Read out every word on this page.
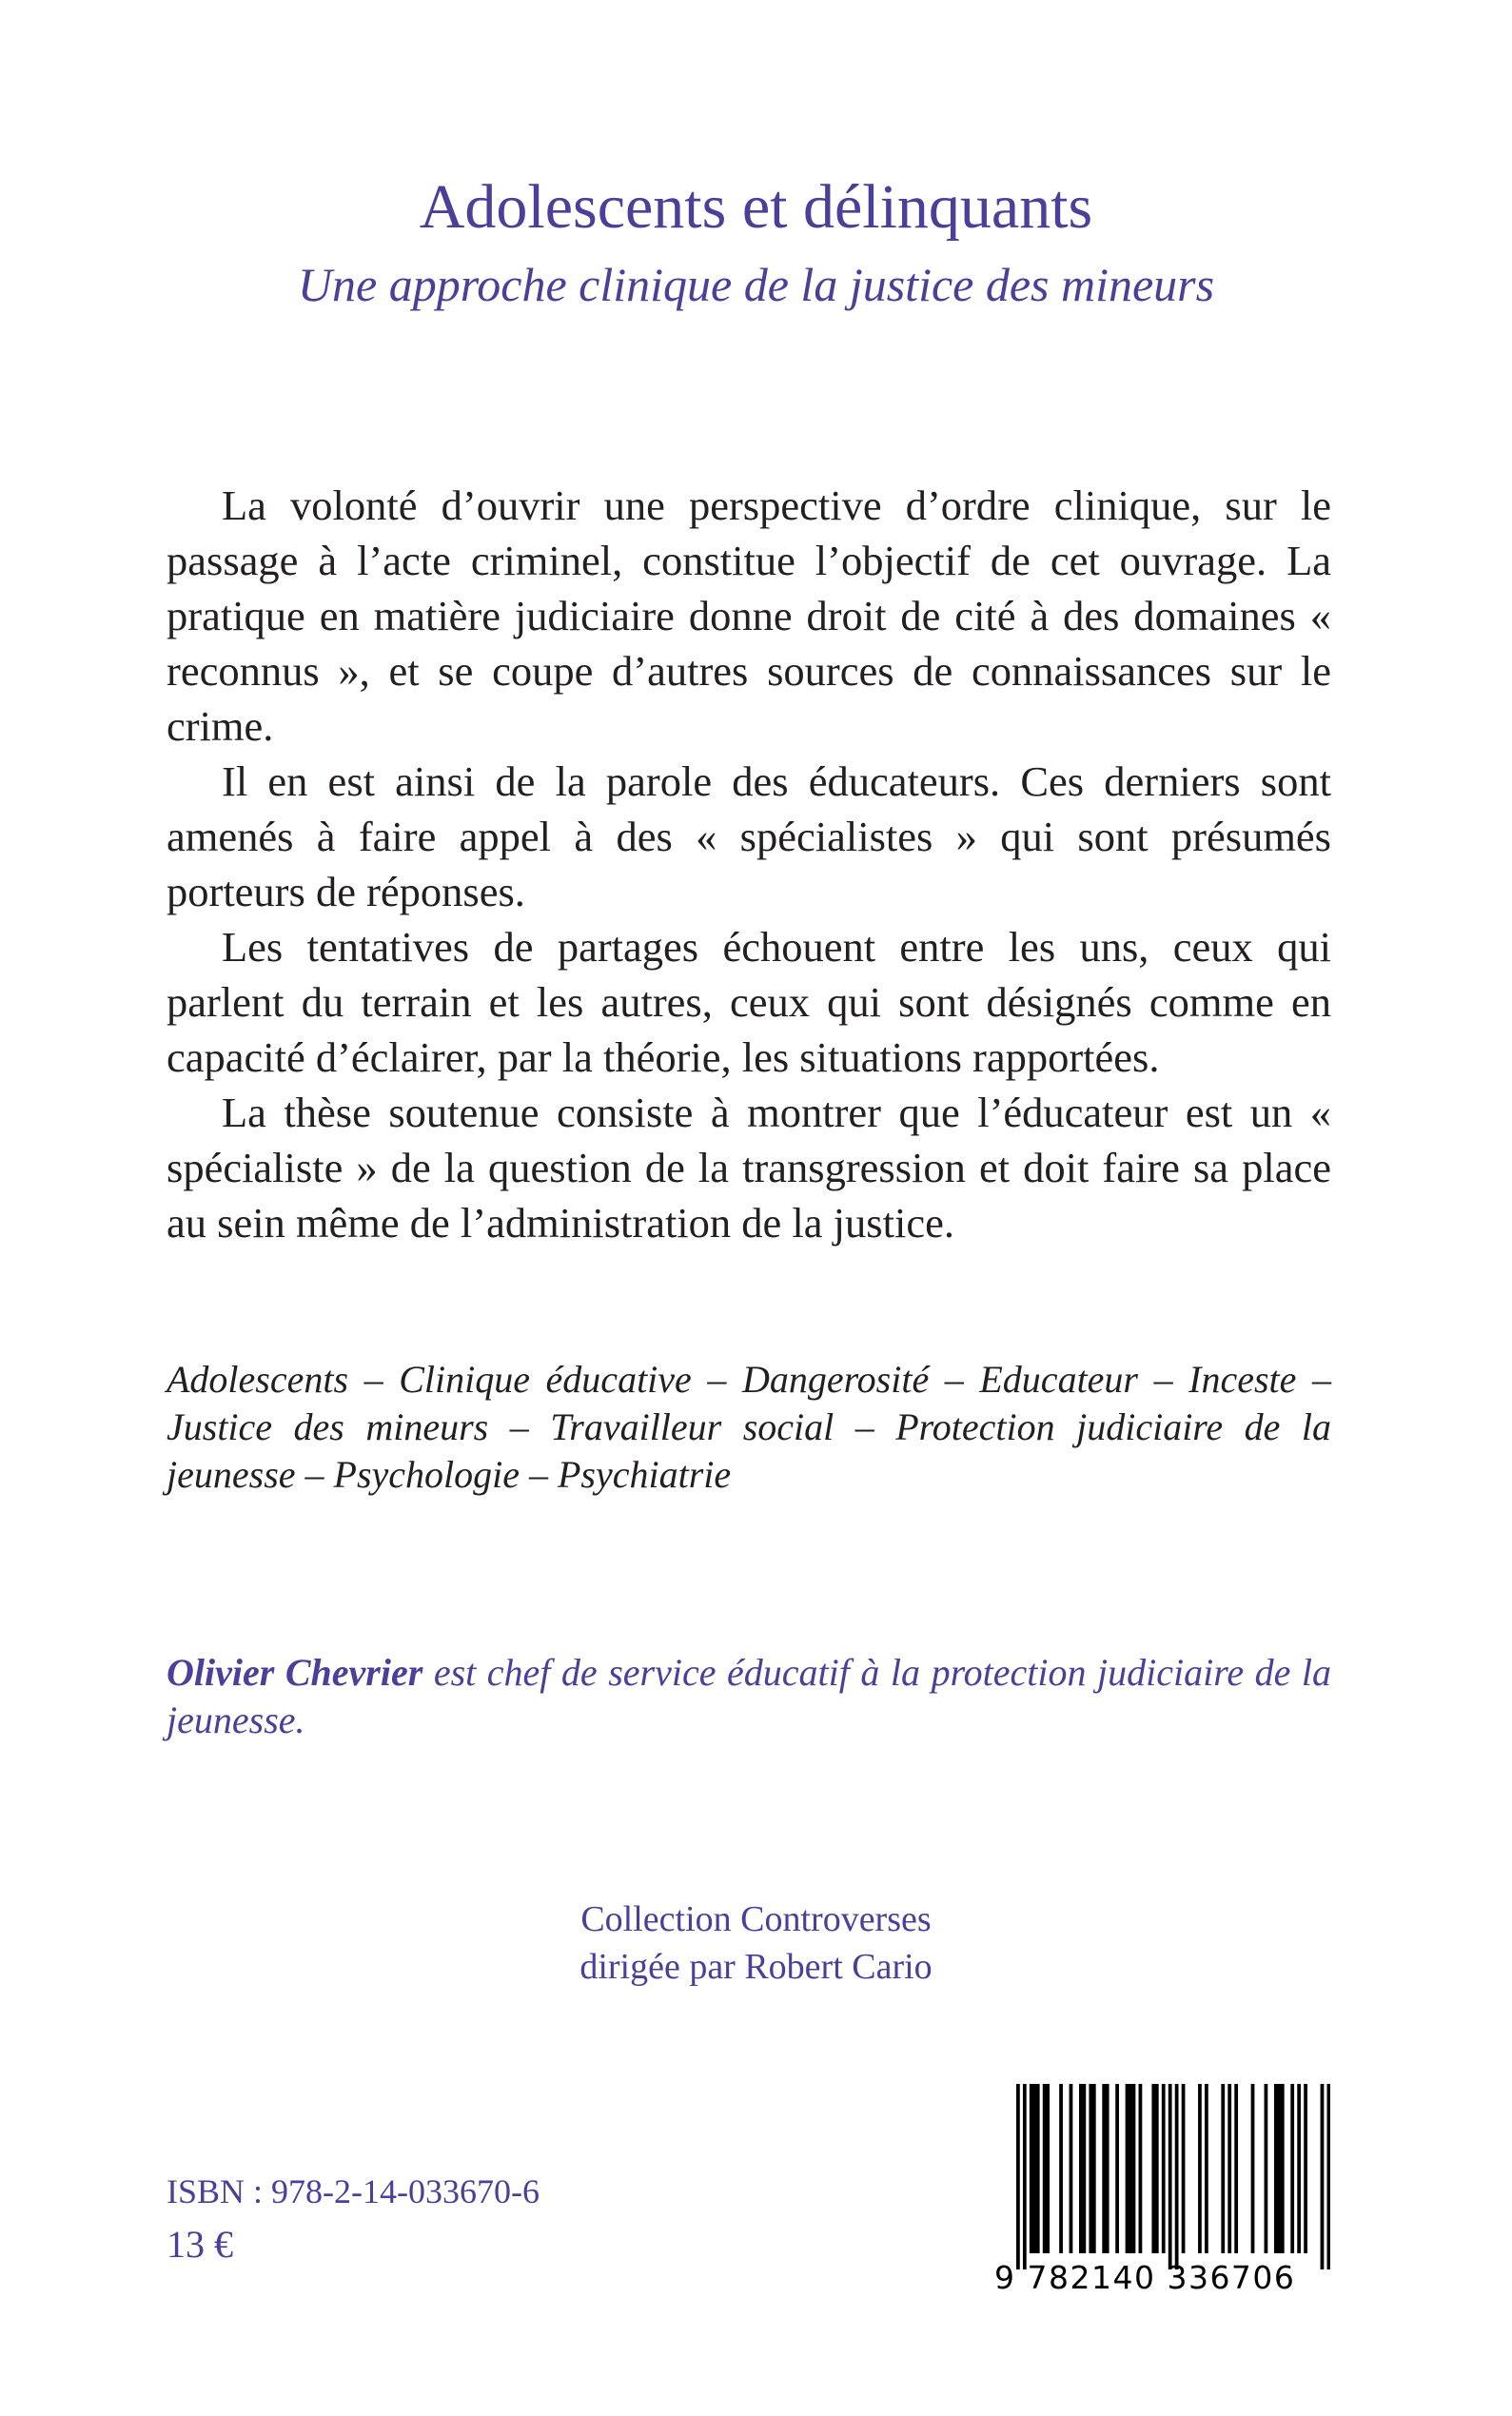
Adolescents et délinquants
Une approche clinique de la justice des mineurs

La volonté d’ouvrir une perspective d’ordre clinique, sur le passage à l’acte criminel, constitue l’objectif de cet ouvrage. La pratique en matière judiciaire donne droit de cité à des domaines « reconnus », et se coupe d’autres sources de connaissances sur le crime.

Il en est ainsi de la parole des éducateurs. Ces derniers sont amenés à faire appel à des « spécialistes » qui sont présumés porteurs de réponses.

Les tentatives de partages échouent entre les uns, ceux qui parlent du terrain et les autres, ceux qui sont désignés comme en capacité d’éclairer, par la théorie, les situations rapportées.

La thèse soutenue consiste à montrer que l’éducateur est un « spécialiste » de la question de la transgression et doit faire sa place au sein même de l’administration de la justice.

Adolescents – Clinique éducative – Dangerosité – Educateur – Inceste – Justice des mineurs – Travailleur social – Protection judiciaire de la jeunesse – Psychologie – Psychiatrie
Olivier Chevrier est chef de service éducatif à la protection judiciaire de la jeunesse.
Collection Controverses
dirigée par Robert Cario
ISBN : 978-2-14-033670-6
13 €
9 782140 336706
